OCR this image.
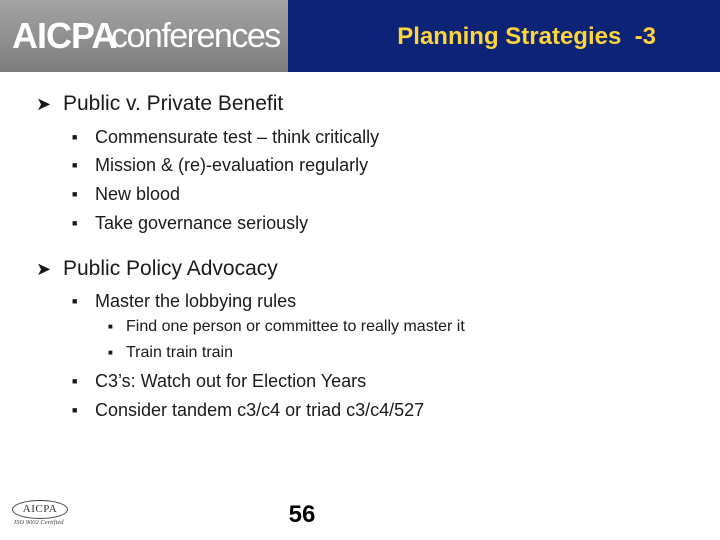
AICPA
conferences	Planning Strategies  -3
➤ Public v. Private Benefit
■ Commensurate test – think critically
■ Mission & (re)-evaluation regularly
■ New blood
■ Take governance seriously
➤ Public Policy Advocacy
■ Master the lobbying rules
■ Find one person or committee to really master it
■ Train train train
■ C3’s: Watch out for Election Years
■ Consider tandem c3/c4 or triad c3/c4/527
AICPA
ISO 9002 Certified	56
